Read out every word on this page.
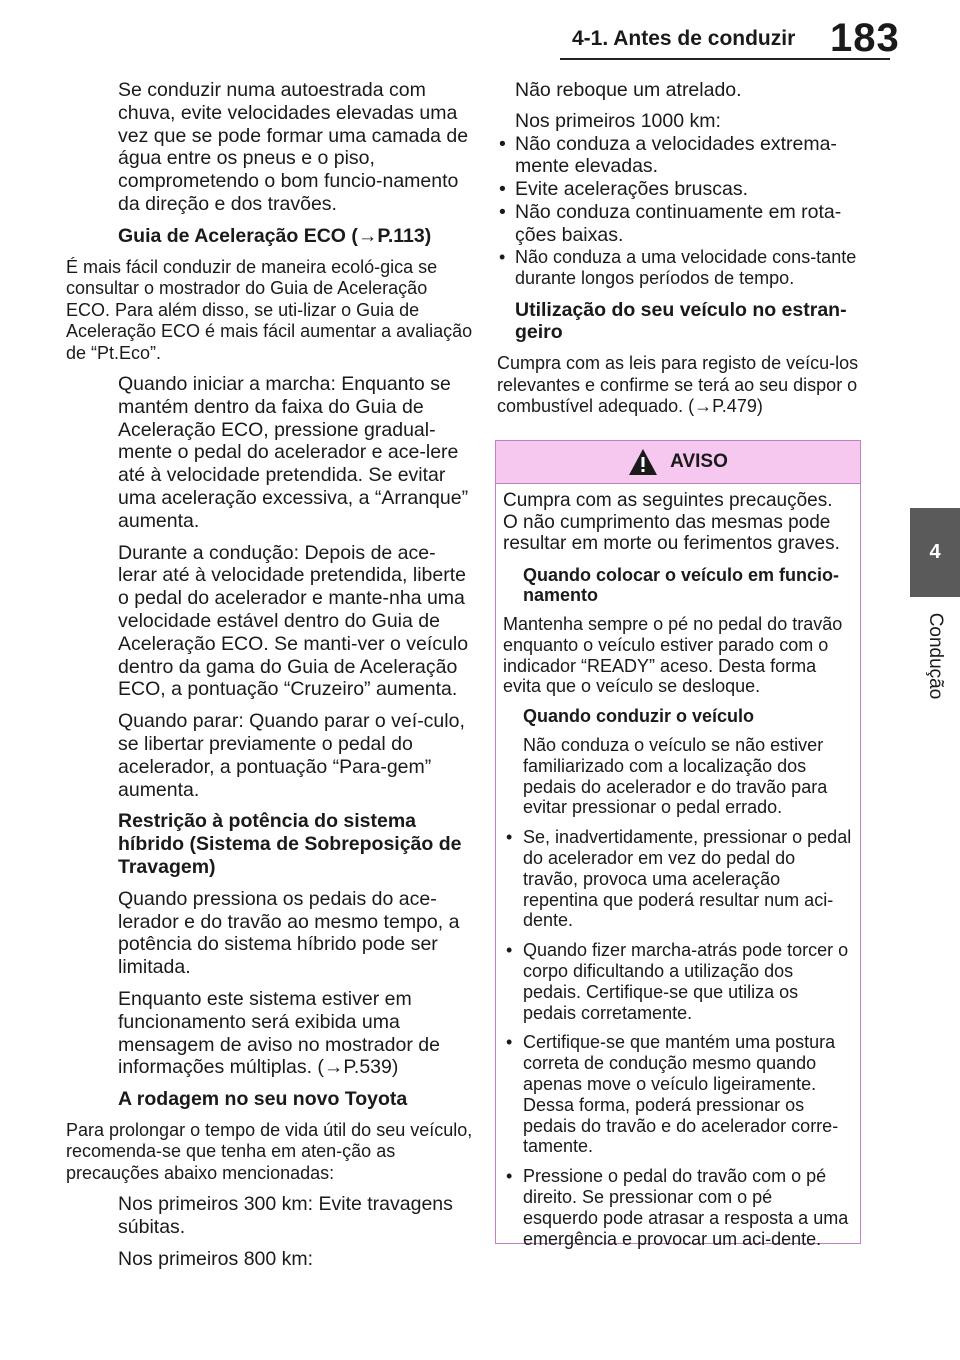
4-1. Antes de conduzir 183
4
Condução

Se conduzir numa autoestrada com chuva, evite velocidades elevadas uma vez que se pode formar uma camada de água entre os pneus e o piso, comprometendo o bom funcio-namento da direção e dos travões.

Guia de Aceleração ECO (→P.113)

É mais fácil conduzir de maneira ecoló-gica se consultar o mostrador do Guia de Aceleração ECO. Para além disso, se uti-lizar o Guia de Aceleração ECO é mais fácil aumentar a avaliação de “Pt.Eco”.

Quando iniciar a marcha: Enquanto se mantém dentro da faixa do Guia de Aceleração ECO, pressione gradual-mente o pedal do acelerador e ace-lere até à velocidade pretendida. Se evitar uma aceleração excessiva, a “Arranque” aumenta.

Durante a condução: Depois de ace-lerar até à velocidade pretendida, liberte o pedal do acelerador e mante-nha uma velocidade estável dentro do Guia de Aceleração ECO. Se manti-ver o veículo dentro da gama do Guia de Aceleração ECO, a pontuação “Cruzeiro” aumenta.

Quando parar: Quando parar o veí-culo, se libertar previamente o pedal do acelerador, a pontuação “Para-gem” aumenta.

Restrição à potência do sistema híbrido (Sistema de Sobreposição de Travagem)

Quando pressiona os pedais do ace-lerador e do travão ao mesmo tempo, a potência do sistema híbrido pode ser limitada.

Enquanto este sistema estiver em funcionamento será exibida uma mensagem de aviso no mostrador de informações múltiplas. (→P.539)

A rodagem no seu novo Toyota

Para prolongar o tempo de vida útil do seu veículo, recomenda-se que tenha em aten-ção as precauções abaixo mencionadas:

Nos primeiros 300 km: Evite travagens súbitas.

Nos primeiros 800 km:

Não reboque um atrelado.

Nos primeiros 1000 km:

• Não conduza a velocidades extrema-mente elevadas.
• Evite acelerações bruscas.
• Não conduza continuamente em rota-ções baixas.
• Não conduza a uma velocidade cons-tante durante longos períodos de tempo.

Utilização do seu veículo no estran-geiro

Cumpra com as leis para registo de veícu-los relevantes e confirme se terá ao seu dispor o combustível adequado. (→P.479)

AVISO

Cumpra com as seguintes precauções. O não cumprimento das mesmas pode resultar em morte ou ferimentos graves.

Quando colocar o veículo em funcio-namento

Mantenha sempre o pé no pedal do travão enquanto o veículo estiver parado com o indicador “READY” aceso. Desta forma evita que o veículo se desloque.

Quando conduzir o veículo

Não conduza o veículo se não estiver familiarizado com a localização dos pedais do acelerador e do travão para evitar pressionar o pedal errado.

• Se, inadvertidamente, pressionar o pedal do acelerador em vez do pedal do travão, provoca uma aceleração repentina que poderá resultar num aci-dente.
• Quando fizer marcha-atrás pode torcer o corpo dificultando a utilização dos pedais. Certifique-se que utiliza os pedais corretamente.
• Certifique-se que mantém uma postura correta de condução mesmo quando apenas move o veículo ligeiramente. Dessa forma, poderá pressionar os pedais do travão e do acelerador corre-tamente.
• Pressione o pedal do travão com o pé direito. Se pressionar com o pé esquerdo pode atrasar a resposta a uma emergência e provocar um aci-dente.
